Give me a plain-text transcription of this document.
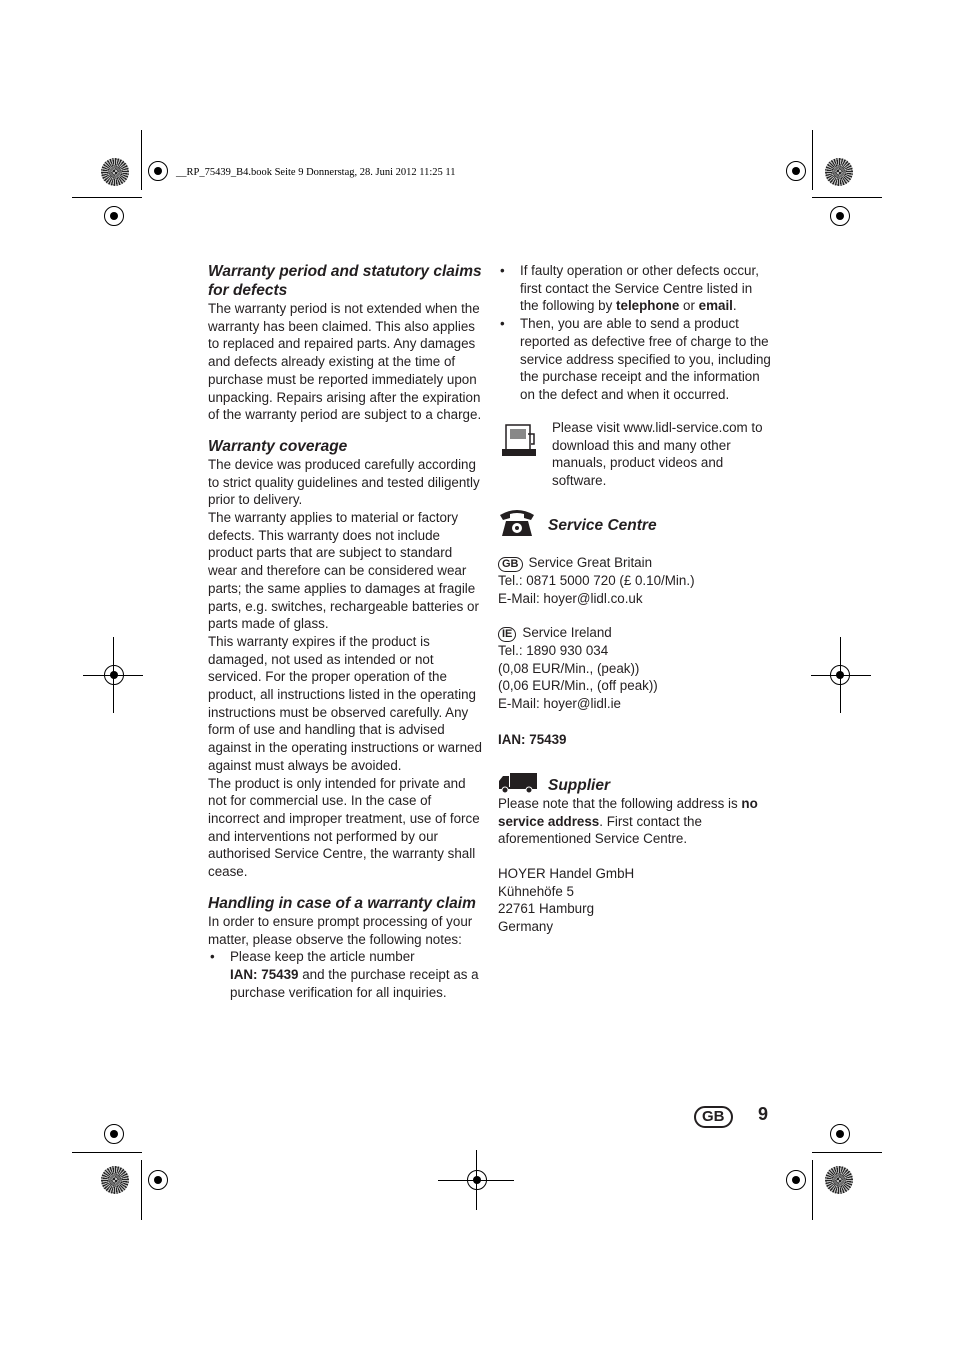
__RP_75439_B4.book Seite 9 Donnerstag, 28. Juni 2012 11:25 11
Warranty period and statutory claims for defects

The warranty period is not extended when the warranty has been claimed. This also applies to replaced and repaired parts. Any damages and defects already existing at the time of purchase must be reported immediately upon unpacking. Repairs arising after the expiration of the warranty period are subject to a charge.

Warranty coverage

The device was produced carefully according to strict quality guidelines and tested diligently prior to delivery.

The warranty applies to material or factory defects. This warranty does not include product parts that are subject to standard wear and therefore can be considered wear parts; the same applies to damages at fragile parts, e.g. switches, rechargeable batteries or parts made of glass.

This warranty expires if the product is damaged, not used as intended or not serviced. For the proper operation of the product, all instructions listed in the operating instructions must be observed carefully. Any form of use and handling that is advised against in the operating instructions or warned against must always be avoided.

The product is only intended for private and not for commercial use. In the case of incorrect and improper treatment, use of force and interventions not performed by our authorised Service Centre, the warranty shall cease.

Handling in case of a warranty claim

In order to ensure prompt processing of your matter, please observe the following notes:

• Please keep the article number
IAN: 75439 and the purchase receipt as a purchase verification for all inquiries.
• If faulty operation or other defects occur, first contact the Service Centre listed in the following by telephone or email.
• Then, you are able to send a product reported as defective free of charge to the service address specified to you, including the purchase receipt and the information on the defect and when it occurred.

Please visit www.lidl-service.com to download this and many other manuals, product videos and software.

Service Centre
GB Service Great Britain
Tel.: 0871 5000 720 (£ 0.10/Min.)
E-Mail: hoyer@lidl.co.uk
IE Service Ireland
Tel.: 1890 930 034
(0,08 EUR/Min., (peak))
(0,06 EUR/Min., (off peak))
E-Mail: hoyer@lidl.ie
IAN: 75439
Supplier

Please note that the following address is no service address. First contact the aforementioned Service Centre.

HOYER Handel GmbH
Kühnehöfe 5
22761 Hamburg
Germany
GB	9
